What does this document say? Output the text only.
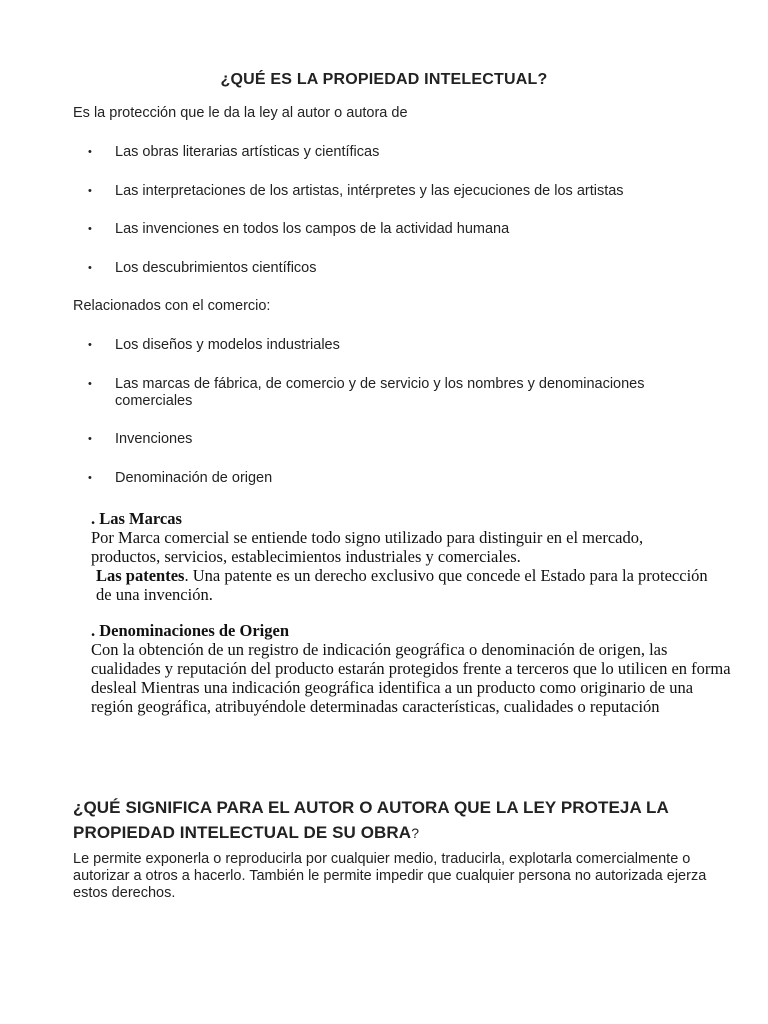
¿QUÉ ES LA PROPIEDAD INTELECTUAL?
Es la protección que le da la ley al autor o autora de
• Las obras literarias artísticas y científicas
• Las interpretaciones de los artistas, intérpretes y las ejecuciones de los artistas
• Las invenciones en todos los campos de la actividad humana
• Los descubrimientos científicos
Relacionados con el comercio:
• Los diseños y modelos industriales
• Las marcas de fábrica, de comercio y de servicio y los nombres y denominaciones comerciales
• Invenciones
• Denominación de origen
. Las Marcas
Por Marca comercial se entiende todo signo utilizado para distinguir en el mercado, productos, servicios, establecimientos industriales y comerciales.
Las patentes. Una patente es un derecho exclusivo que concede el Estado para la protección de una invención.
. Denominaciones de Origen
Con la obtención de un registro de indicación geográfica o denominación de origen, las cualidades y reputación del producto estarán protegidos frente a terceros que lo utilicen en forma desleal Mientras una indicación geográfica identifica a un producto como originario de una región geográfica, atribuyéndole determinadas características, cualidades o reputación
¿QUÉ SIGNIFICA PARA EL AUTOR O AUTORA QUE LA LEY PROTEJA LA PROPIEDAD INTELECTUAL DE SU OBRA?
Le permite exponerla o reproducirla por cualquier medio, traducirla, explotarla comercialmente o autorizar a otros a hacerlo. También le permite impedir que cualquier persona no autorizada ejerza estos derechos.
